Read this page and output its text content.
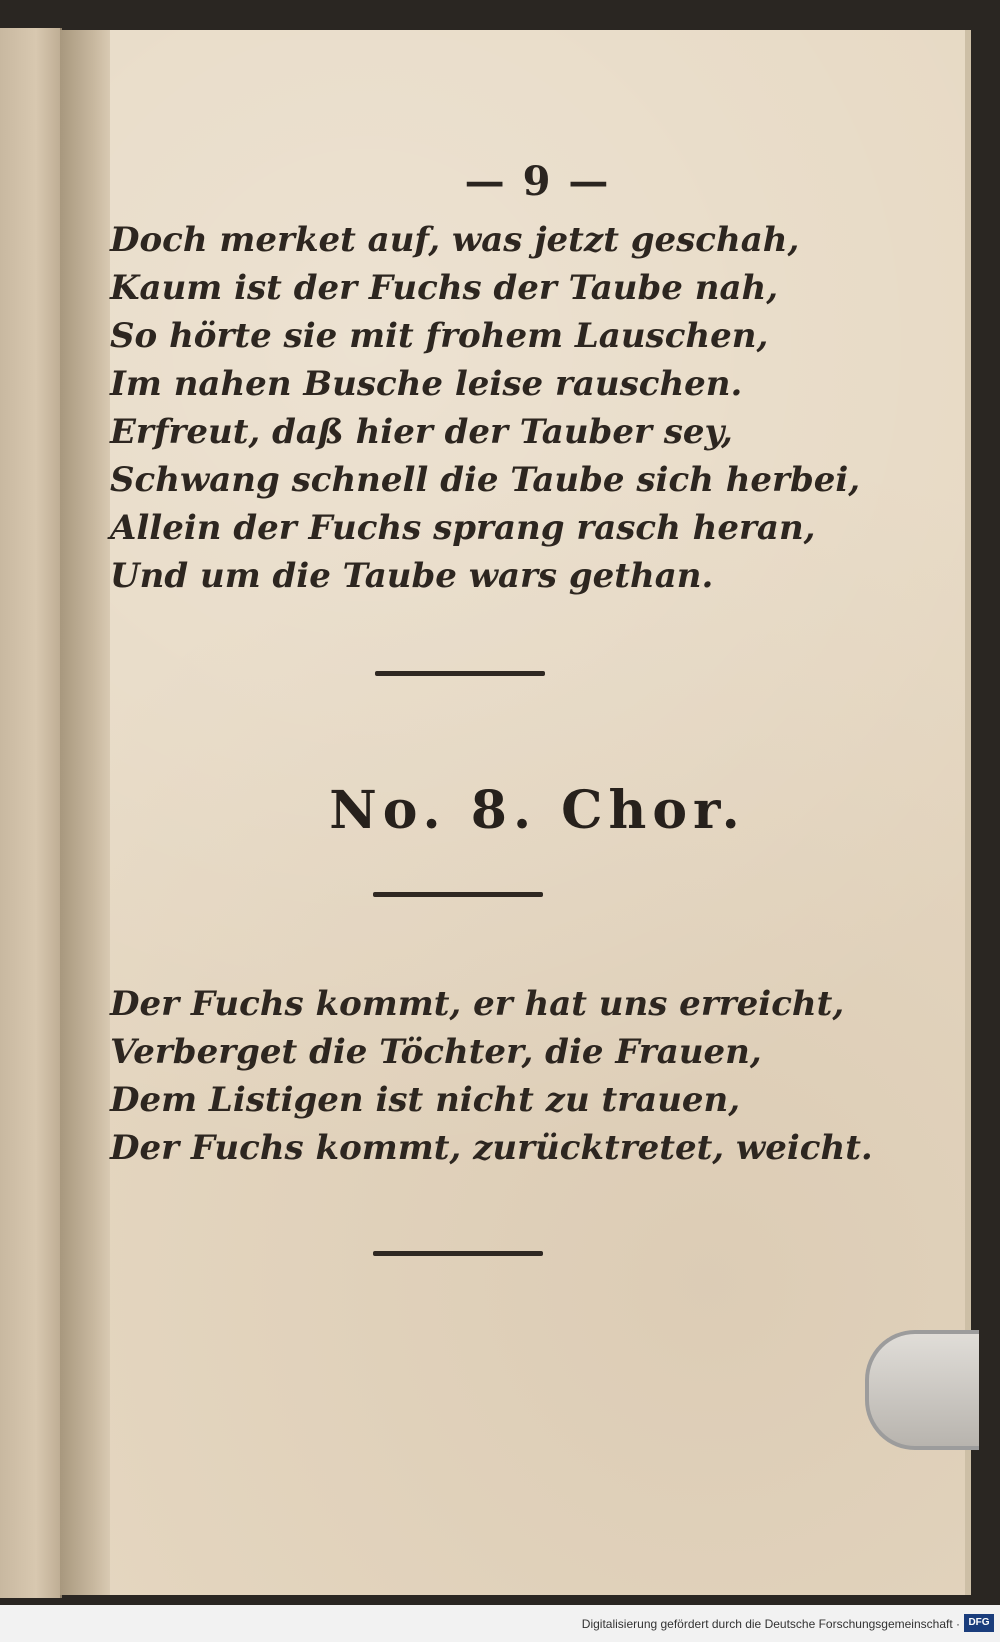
— 9 —
Doch merket auf, was jetzt geschah,
Kaum ist der Fuchs der Taube nah,
So hörte sie mit frohem Lauschen,
Im nahen Busche leise rauschen.
Erfreut, daß hier der Tauber sey,
Schwang schnell die Taube sich herbei,
Allein der Fuchs sprang rasch heran,
Und um die Taube wars gethan.
No. 8. Chor.
Der Fuchs kommt, er hat uns erreicht,
Verberget die Töchter, die Frauen,
Dem Listigen ist nicht zu trauen,
Der Fuchs kommt, zurücktretet, weicht.
Digitalisierung gefördert durch die Deutsche Forschungsgemeinschaft · DFG
